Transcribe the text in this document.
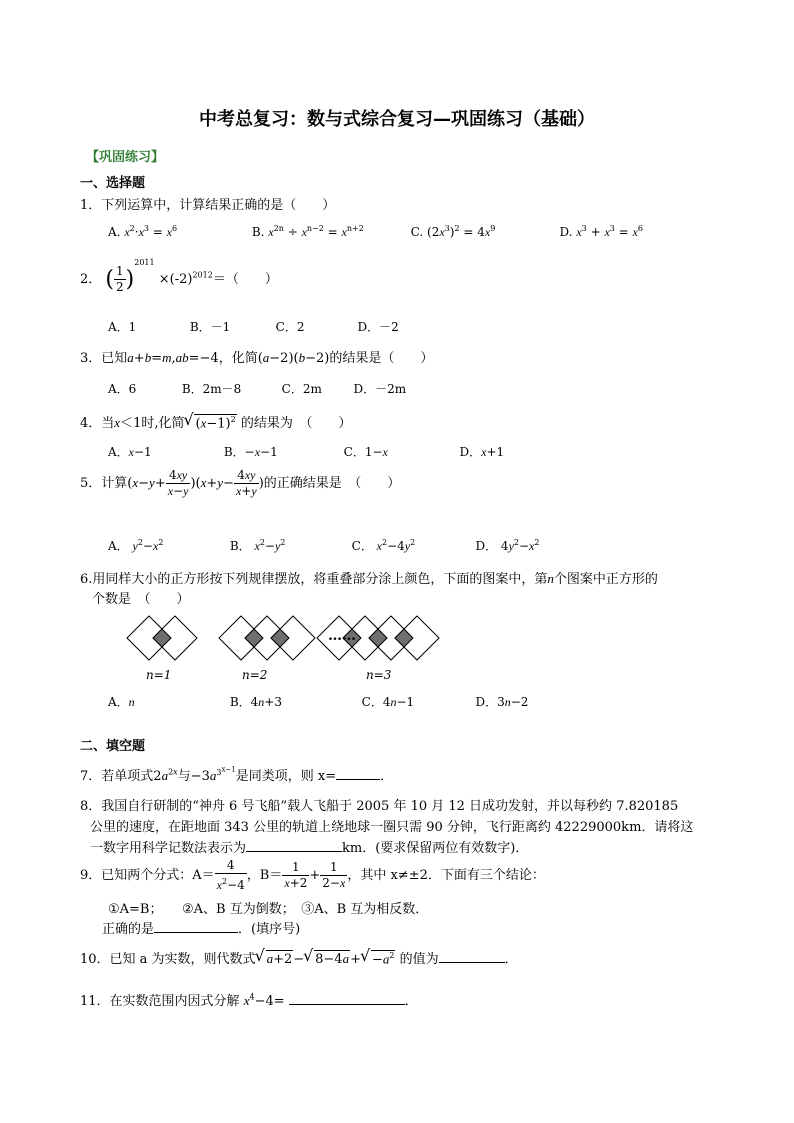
中考总复习：数与式综合复习—巩固练习（基础）
【巩固练习】
一、选择题
1．下列运算中，计算结果正确的是（　　）
A. $x^2\cdot x^3 = x^6$	B. $x^{2n} \div x^{n-2} = x^{n+2}$	C. $(2x^3)^2 = 4x^9$	D. $x^3 + x^3 = x^6$
2． ( $\frac{1}{2} )^{2011} \times(-2)^{2012}=$（　　）
A．1	B．－1	C．2	D．－2
3．已知a+b=m,ab=−4，化简(a−2)(b−2)的结果是（　　）
A．6	B．2m－8	C．2m	D．－2m
4．当x＜1时,化简√ $(x-1)^2$ 的结果为　（　　）
A．x−1	B．−x−1	C．1−x	D．x+1
5．计算$(x-y+ \frac{4xy}{x-y} )(x+y- \frac{4xy}{x+y}$ )的正确结果是　（　　）
A． $y^2-x^2$	B． $x^2-y^2$	C． $x^2-4y^2$	D． $4y^2-x^2$
6.用同样大小的正方形按下列规律摆放，将重叠部分涂上颜色，下面的图案中，第n个图案中正方形的
个数是　（　　）
……
n=1	n=2	n=3
A．n	B．4n+3	C．4n−1	D．3n−2
二、填空题
7．若单项式$2a^{2x}$与$-3a^{3^{x-1}}$是同类项，则 x=	．
8．我国自行研制的“神舟 6 号飞船”载人飞船于 2005 年 10 月 12 日成功发射，并以每秒约 7.820185
公里的速度，在距地面 343 公里的轨道上绕地球一圈只需 90 分钟，飞行距离约 42229000km．请将这
一数字用科学记数法表示为	km．(要求保留两位有效数字)．
9．已知两个分式：$A= \frac{4}{x^2-4}$ ，$B= \frac{1}{x+2} + \frac{1}{2-x}$ ，其中 x≠±2．下面有三个结论：
①A=B；　　②A、B 互为倒数；　③A、B 互为相反数．
正确的是	．(填序号)
10．已知 a 为实数，则代数式√ a+2−√ $8-4a+√ -a^2$ 的值为	．
11．在实数范围内因式分解 $x^4-4=$	．
